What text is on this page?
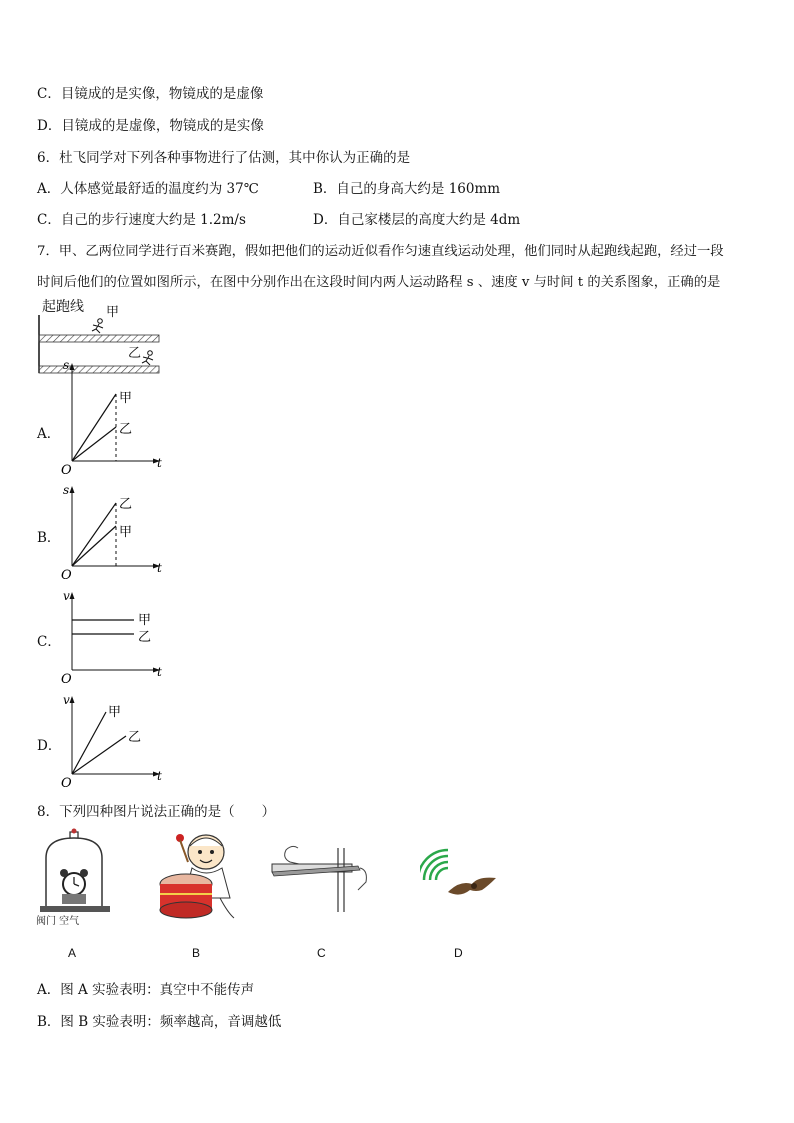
C．目镜成的是实像，物镜成的是虚像
D．目镜成的是虚像，物镜成的是实像
6．杜飞同学对下列各种事物进行了估测，其中你认为正确的是
A．人体感觉最舒适的温度约为 37℃	B．自己的身高大约是 160mm
C．自己的步行速度大约是 1.2m/s	D．自己家楼层的高度大约是 4dm
7．甲、乙两位同学进行百米赛跑，假如把他们的运动近似看作匀速直线运动处理，他们同时从起跑线起跑，经过一段
时间后他们的位置如图所示，在图中分别作出在这段时间内两人运动路程 s 、速度 v 与时间 t 的关系图象，正确的是
起跑线 甲
乙
A．
s
t
O
甲
乙
B．
s
t
O
乙
甲
C．
v
t
O
甲
乙
D．
v
t
O
甲
乙
8．下列四种图片说法正确的是（　　）
阀门 空气
A	B	C	D
A．图 A 实验表明：真空中不能传声
B．图 B 实验表明：频率越高，音调越低
